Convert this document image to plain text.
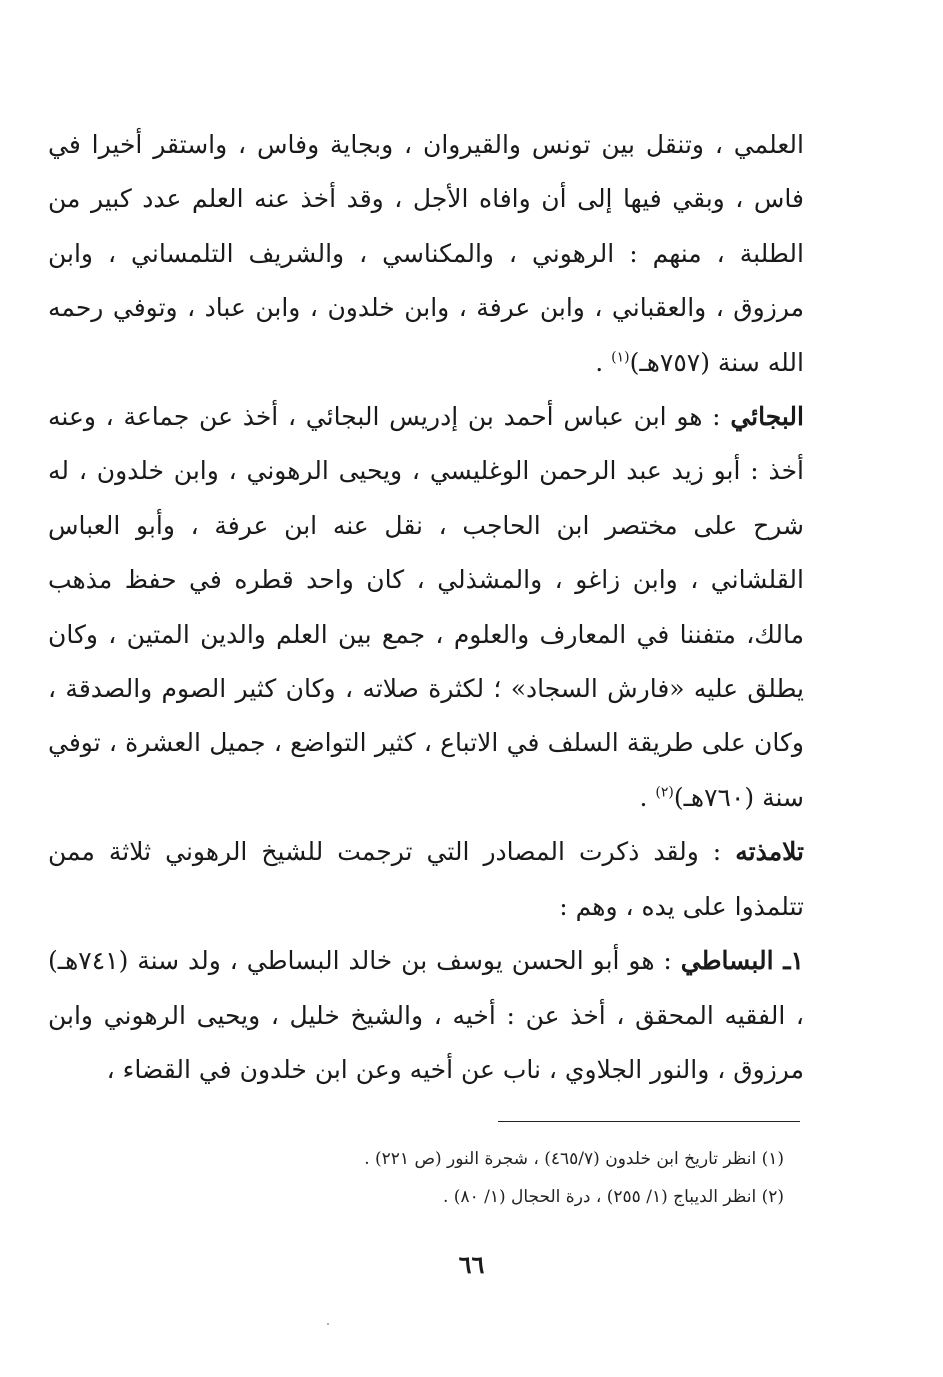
العلمي ، وتنقل بين تونس والقيروان ، وبجاية وفاس ، واستقر أخيرا في فاس ، وبقي فيها إلى أن وافاه الأجل ، وقد أخذ عنه العلم عدد كبير من الطلبة ، منهم : الرهوني ، والمكناسي ، والشريف التلمساني ، وابن مرزوق ، والعقباني ، وابن عرفة ، وابن خلدون ، وابن عباد ، وتوفي رحمه الله سنة (٧٥٧هـ)$^{(١)}$ .

البجائي : هو ابن عباس أحمد بن إدريس البجائي ، أخذ عن جماعة ، وعنه أخذ : أبو زيد عبد الرحمن الوغليسي ، ويحيى الرهوني ، وابن خلدون ، له شرح على مختصر ابن الحاجب ، نقل عنه ابن عرفة ، وأبو العباس القلشاني ، وابن زاغو ، والمشذلي ، كان واحد قطره في حفظ مذهب مالك، متفننا في المعارف والعلوم ، جمع بين العلم والدين المتين ، وكان يطلق عليه «فارش السجاد» ؛ لكثرة صلاته ، وكان كثير الصوم والصدقة ، وكان على طريقة السلف في الاتباع ، كثير التواضع ، جميل العشرة ، توفي سنة (٧٦٠هـ)$^{(٢)}$ .

تلامذته : ولقد ذكرت المصادر التي ترجمت للشيخ الرهوني ثلاثة ممن تتلمذوا على يده ، وهم :

١ـ البساطي : هو أبو الحسن يوسف بن خالد البساطي ، ولد سنة (٧٤١هـ) ، الفقيه المحقق ، أخذ عن : أخيه ، والشيخ خليل ، ويحيى الرهوني وابن مرزوق ، والنور الجلاوي ، ناب عن أخيه وعن ابن خلدون في القضاء ،

(١) انظر تاريخ ابن خلدون (٤٦٥/٧) ، شجرة النور (ص ٢٢١) .

(٢) انظر الديباج (١/ ٢٥٥) ، درة الحجال (١/ ٨٠) .

٦٦
